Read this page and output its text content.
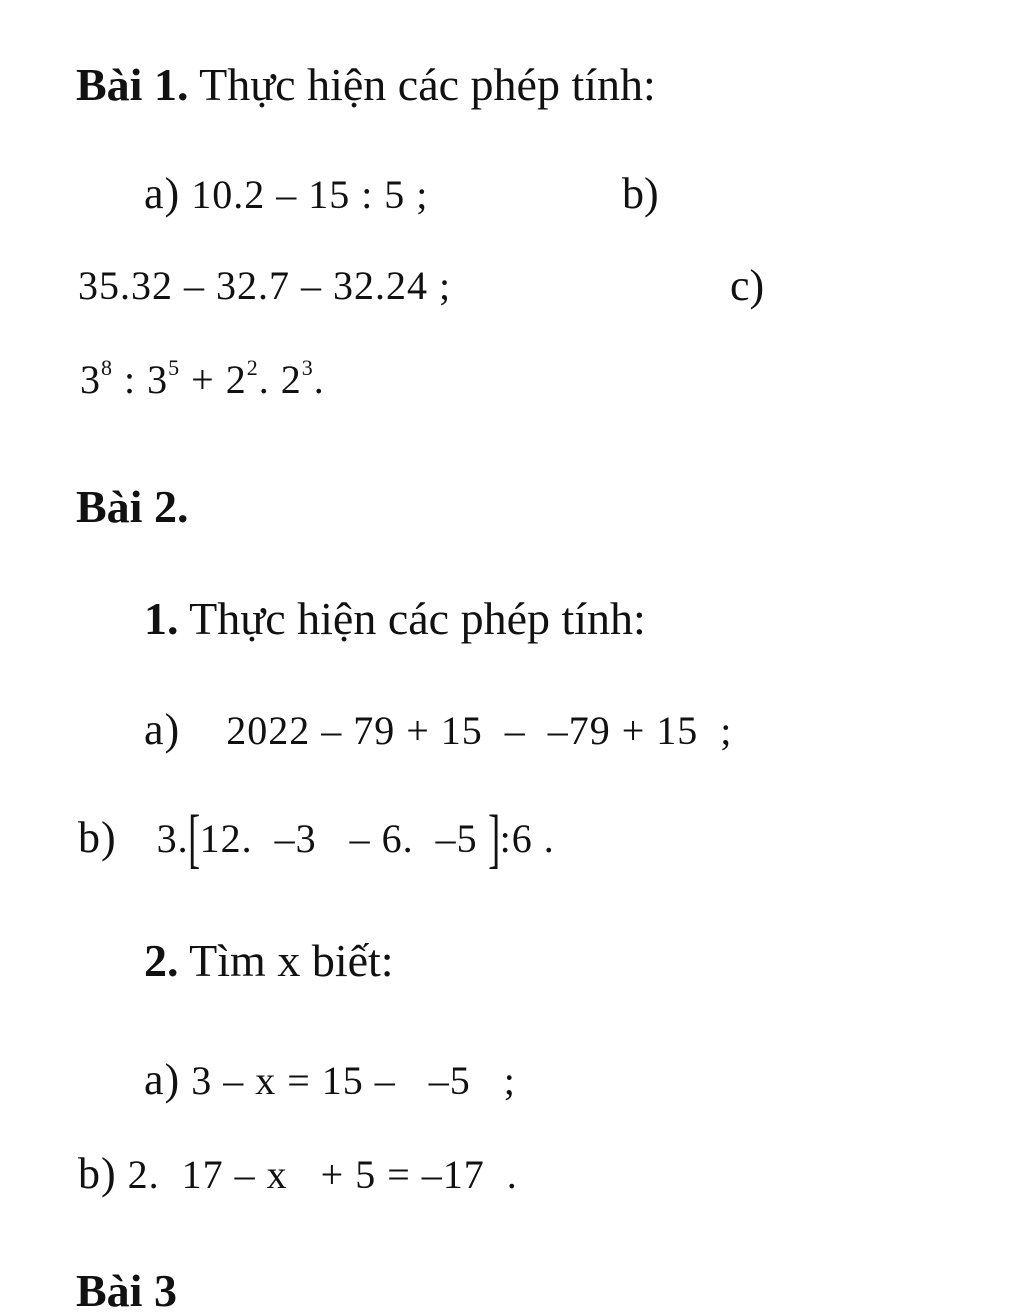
Bài 1. Thực hiện các phép tính:
a) 10.2 – 15 : 5 ;	b)
35.32 – 32.7 – 32.24 ;	c)
$3^8$ : $3^5 + 2^2$. $2^3$.
Bài 2.
1. Thực hiện các phép tính:
a) 2022 – 79 + 15  –  –79 + 15  ;
b) 3.[12.  –3   – 6.  –5 ]:6 .
2. Tìm x biết:
a) 3 – x = 15 –   –5   ;
b) 2.  17 – x   + 5 = –17  .
Bài 3
